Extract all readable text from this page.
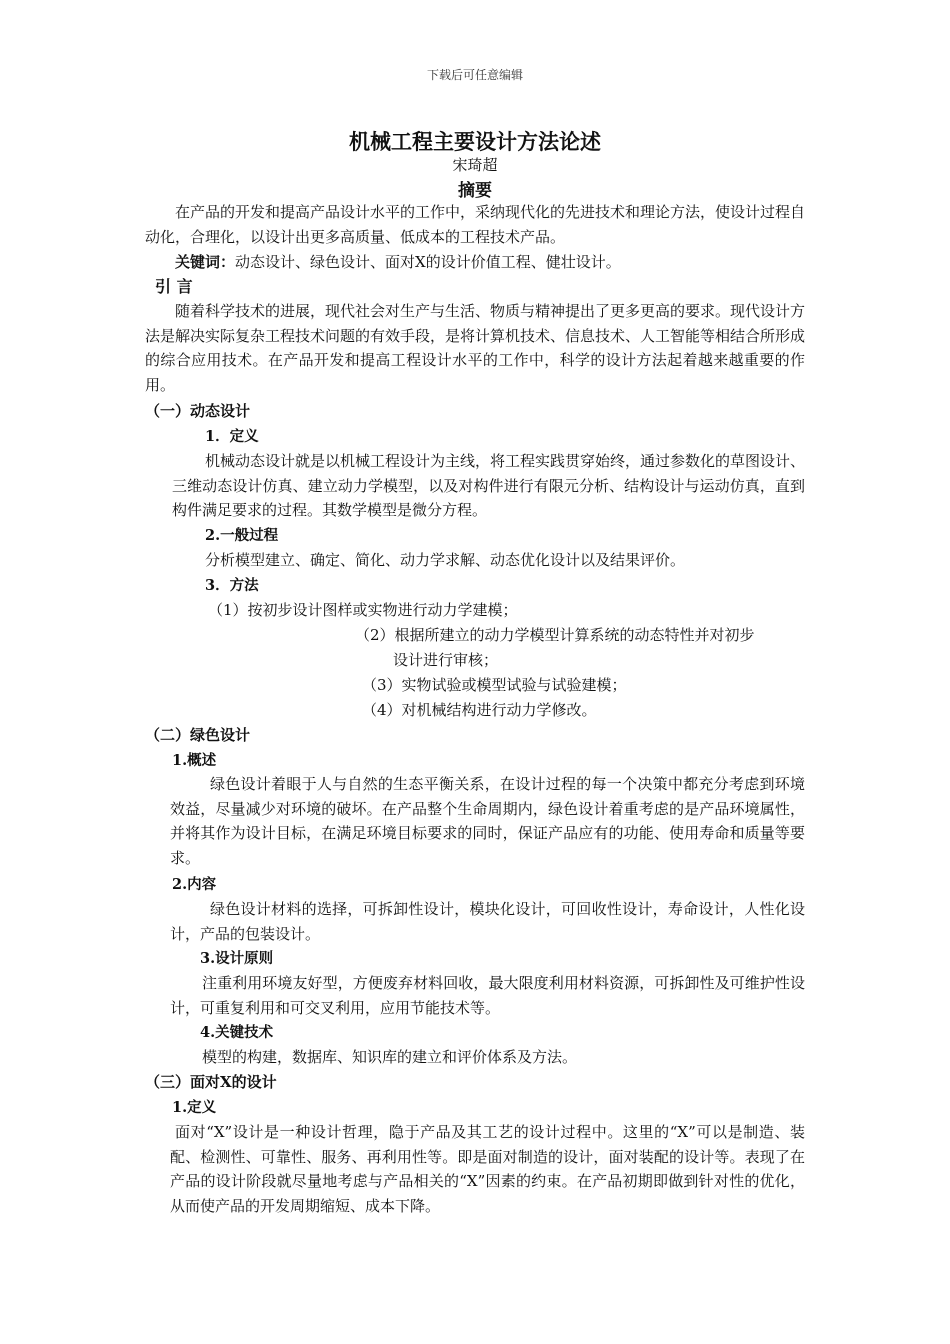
下载后可任意编辑
机械工程主要设计方法论述
宋琦超
摘要
在产品的开发和提高产品设计水平的工作中，采纳现代化的先进技术和理论方法，使设计过程自动化，合理化，以设计出更多高质量、低成本的工程技术产品。
关键词：动态设计、绿色设计、面对X的设计价值工程、健壮设计。
引 言
随着科学技术的进展，现代社会对生产与生活、物质与精神提出了更多更高的要求。现代设计方法是解决实际复杂工程技术问题的有效手段，是将计算机技术、信息技术、人工智能等相结合所形成的综合应用技术。在产品开发和提高工程设计水平的工作中，科学的设计方法起着越来越重要的作用。
（一）动态设计
1．定义
机械动态设计就是以机械工程设计为主线，将工程实践贯穿始终，通过参数化的草图设计、三维动态设计仿真、建立动力学模型，以及对构件进行有限元分析、结构设计与运动仿真，直到构件满足要求的过程。其数学模型是微分方程。
2.一般过程
分析模型建立、确定、简化、动力学求解、动态优化设计以及结果评价。
3．方法
（1）按初步设计图样或实物进行动力学建模；
（2）根据所建立的动力学模型计算系统的动态特性并对初步
设计进行审核；
（3）实物试验或模型试验与试验建模；
（4）对机械结构进行动力学修改。
（二）绿色设计
1.概述
绿色设计着眼于人与自然的生态平衡关系，在设计过程的每一个决策中都充分考虑到环境效益，尽量减少对环境的破坏。在产品整个生命周期内，绿色设计着重考虑的是产品环境属性，并将其作为设计目标，在满足环境目标要求的同时，保证产品应有的功能、使用寿命和质量等要求。
2.内容
绿色设计材料的选择，可拆卸性设计，模块化设计，可回收性设计，寿命设计，人性化设计，产品的包装设计。
3.设计原则
注重利用环境友好型，方便废弃材料回收，最大限度利用材料资源，可拆卸性及可维护性设计，可重复利用和可交叉利用，应用节能技术等。
4.关键技术
模型的构建，数据库、知识库的建立和评价体系及方法。
（三）面对X的设计
1.定义
面对“X”设计是一种设计哲理，隐于产品及其工艺的设计过程中。这里的“X”可以是制造、装配、检测性、可靠性、服务、再利用性等。即是面对制造的设计，面对装配的设计等。表现了在产品的设计阶段就尽量地考虑与产品相关的“X”因素的约束。在产品初期即做到针对性的优化，从而使产品的开发周期缩短、成本下降。
